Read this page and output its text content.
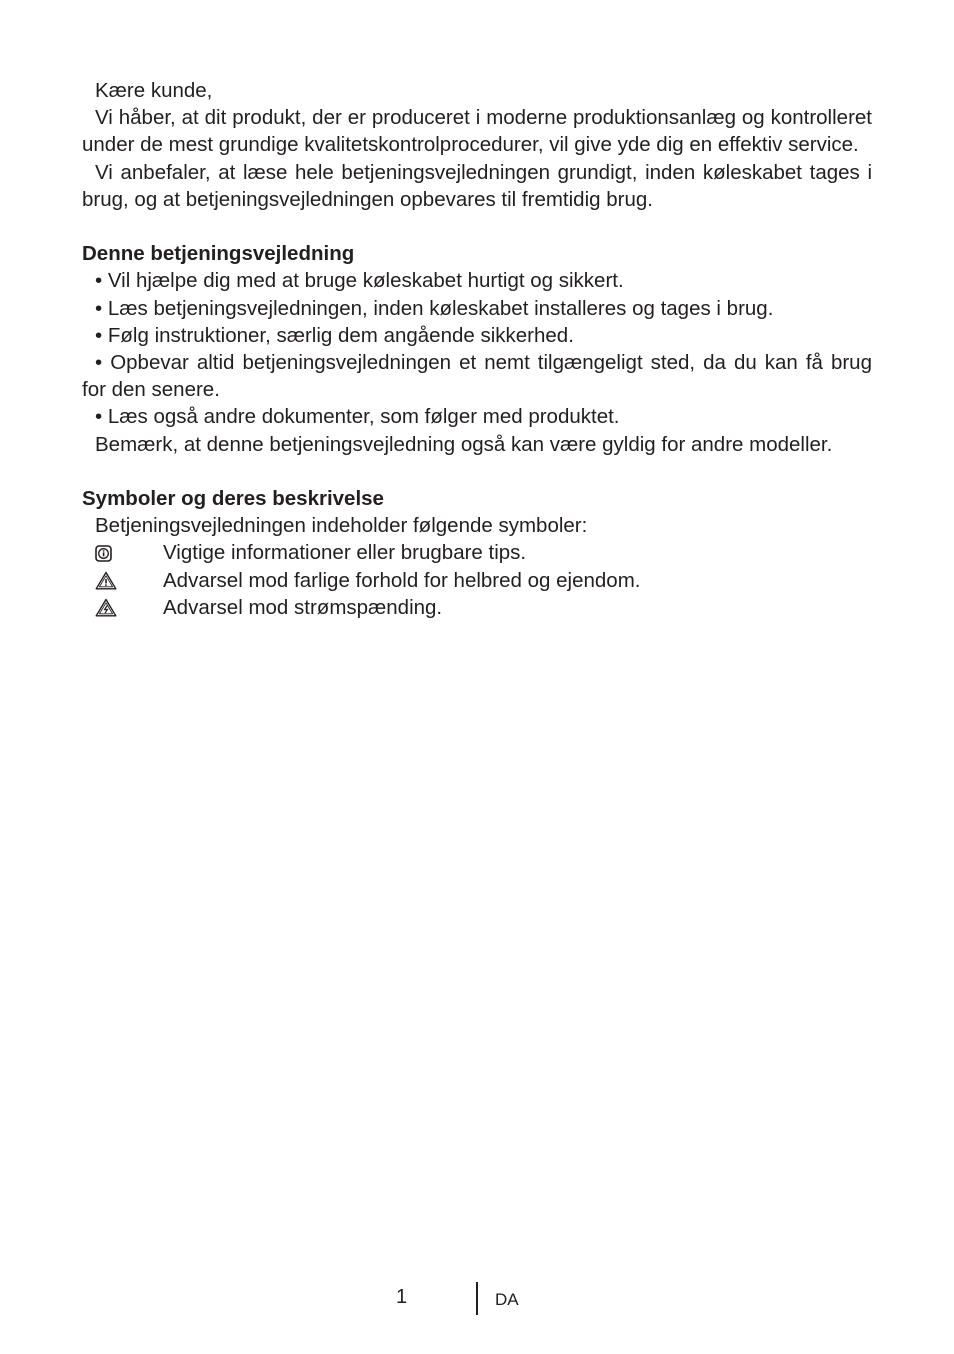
Kære kunde,

Vi håber, at dit produkt, der er produceret i moderne produktionsanlæg og kontrolleret under de mest grundige kvalitetskontrolprocedurer, vil give yde dig en effektiv service.

Vi anbefaler, at læse hele betjeningsvejledningen grundigt, inden køleskabet tages i brug, og at betjeningsvejledningen opbevares til fremtidig brug.

Denne betjeningsvejledning

• Vil hjælpe dig med at bruge køleskabet hurtigt og sikkert.

• Læs betjeningsvejledningen, inden køleskabet installeres og tages i brug.

• Følg instruktioner, særlig dem angående sikkerhed.

• Opbevar altid betjeningsvejledningen et nemt tilgængeligt sted, da du kan få brug for den senere.

• Læs også andre dokumenter, som følger med produktet.

Bemærk, at denne betjeningsvejledning også kan være gyldig for andre modeller.

Symboler og deres beskrivelse

Betjeningsvejledningen indeholder følgende symboler:

Vigtige informationer eller brugbare tips.
Advarsel mod farlige forhold for helbred og ejendom.
Advarsel mod strømspænding.
1	DA
